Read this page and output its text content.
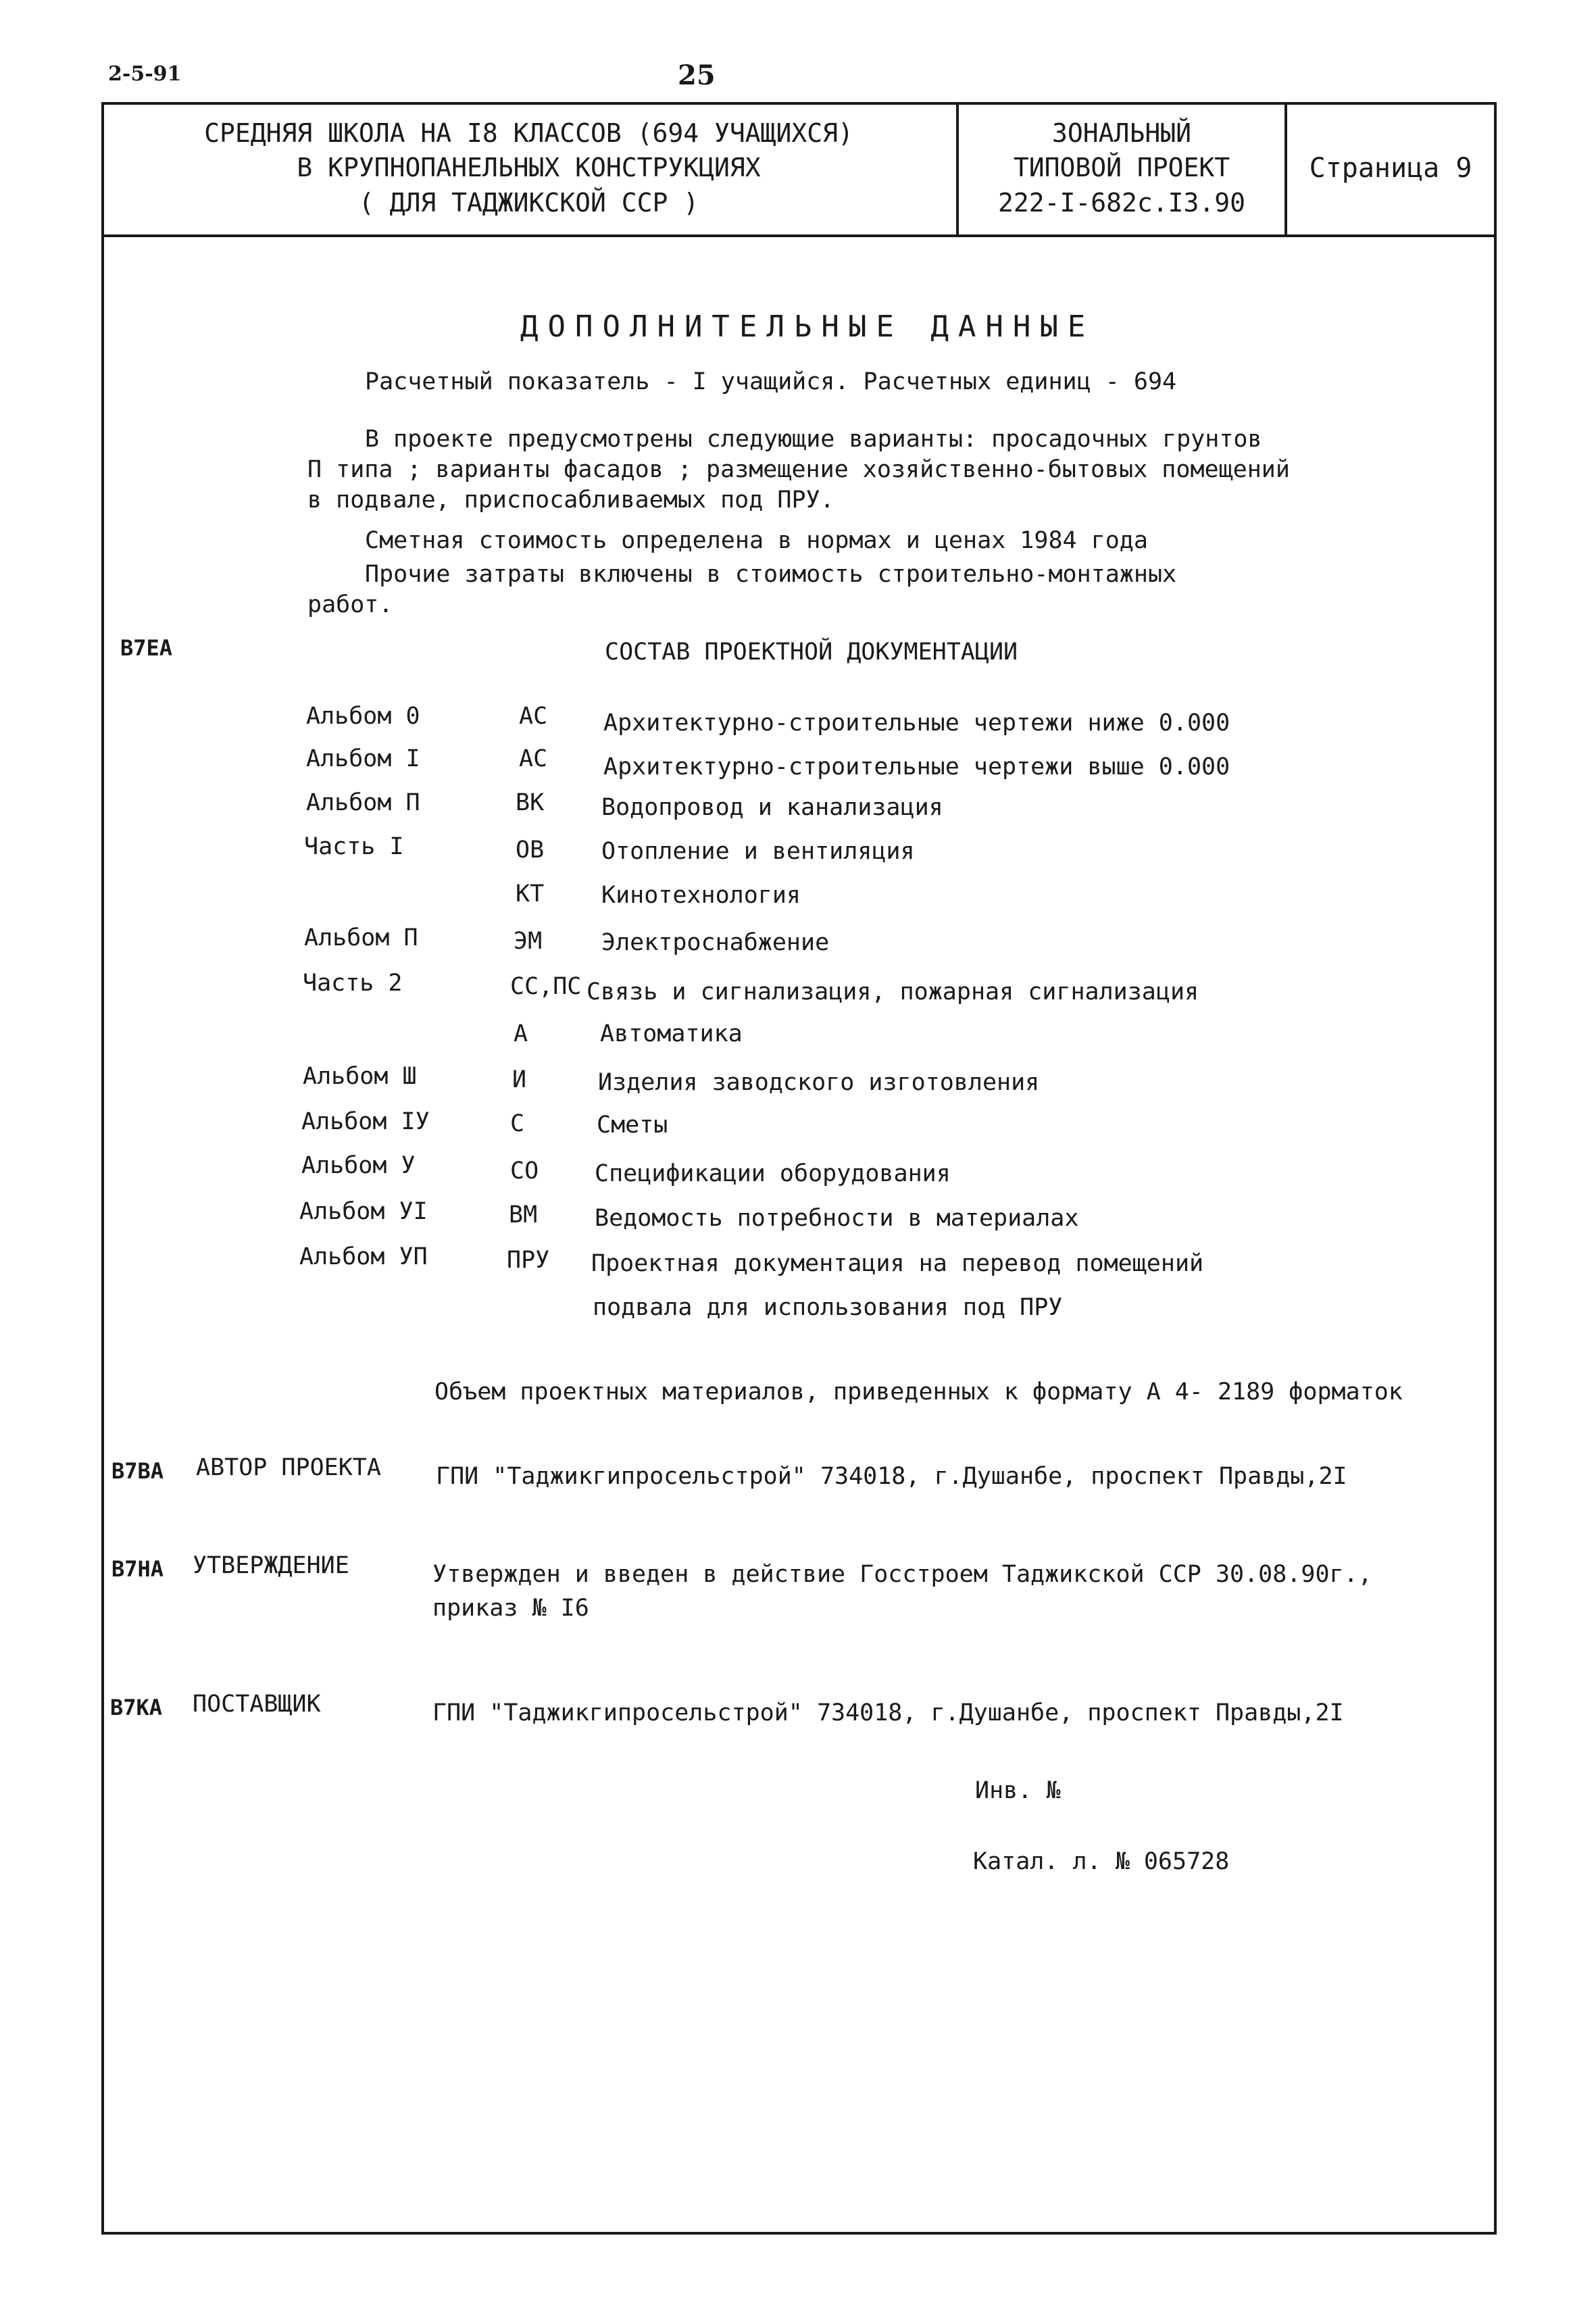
2-5-91	25
СРЕДНЯЯ ШКОЛА НА I8 КЛАССОВ (694 УЧАЩИХСЯ)
В КРУПНОПАНЕЛЬНЫХ КОНСТРУКЦИЯХ
( ДЛЯ ТАДЖИКСКОЙ ССР )
ЗОНАЛЬНЫЙ
ТИПОВОЙ ПРОЕКТ
222-I-682с.I3.90
Страница 9
ДОПОЛНИТЕЛЬНЫЕ ДАННЫЕ
Расчетный показатель - I учащийся. Расчетных единиц - 694
В проекте предусмотрены следующие варианты: просадочных грунтов
П типа ; варианты фасадов ; размещение хозяйственно-бытовых помещений
в подвале, приспосабливаемых под ПРУ.
Сметная стоимость определена в нормах и ценах 1984 года
Прочие затраты включены в стоимость строительно-монтажных
работ.
В7ЕА	СОСТАВ ПРОЕКТНОЙ ДОКУМЕНТАЦИИ
Альбом 0	АС Архитектурно-строительные чертежи ниже 0.000
Альбом I	АС Архитектурно-строительные чертежи выше 0.000
Альбом П	ВК Водопровод и канализация
Часть I	ОВ Отопление и вентиляция
КТ Кинотехнология
Альбом П	ЭМ	Электроснабжение
Часть 2	СС,ПС Связь и сигнализация, пожарная сигнализация
А	Автоматика
Альбом Ш	И	Изделия заводского изготовления
Альбом IУ	С	Сметы
Альбом У	СО Спецификации оборудования
Альбом УI	ВМ Ведомость потребности в материалах
Альбом УП	ПРУ Проектная документация на перевод помещений
подвала для использования под ПРУ
Объем проектных материалов, приведенных к формату А 4- 2189 форматок
В7ВА АВТОР ПРОЕКТА ГПИ "Таджикгипросельстрой" 734018, г.Душанбе, проспект Правды,2I
В7НА УТВЕРЖДЕНИЕ	Утвержден и введен в действие Госстроем Таджикской ССР 30.08.90г.,
приказ № I6
В7КА ПОСТАВЩИК	ГПИ "Таджикгипросельстрой" 734018, г.Душанбе, проспект Правды,2I
Инв. №
Катал. л. № 065728
